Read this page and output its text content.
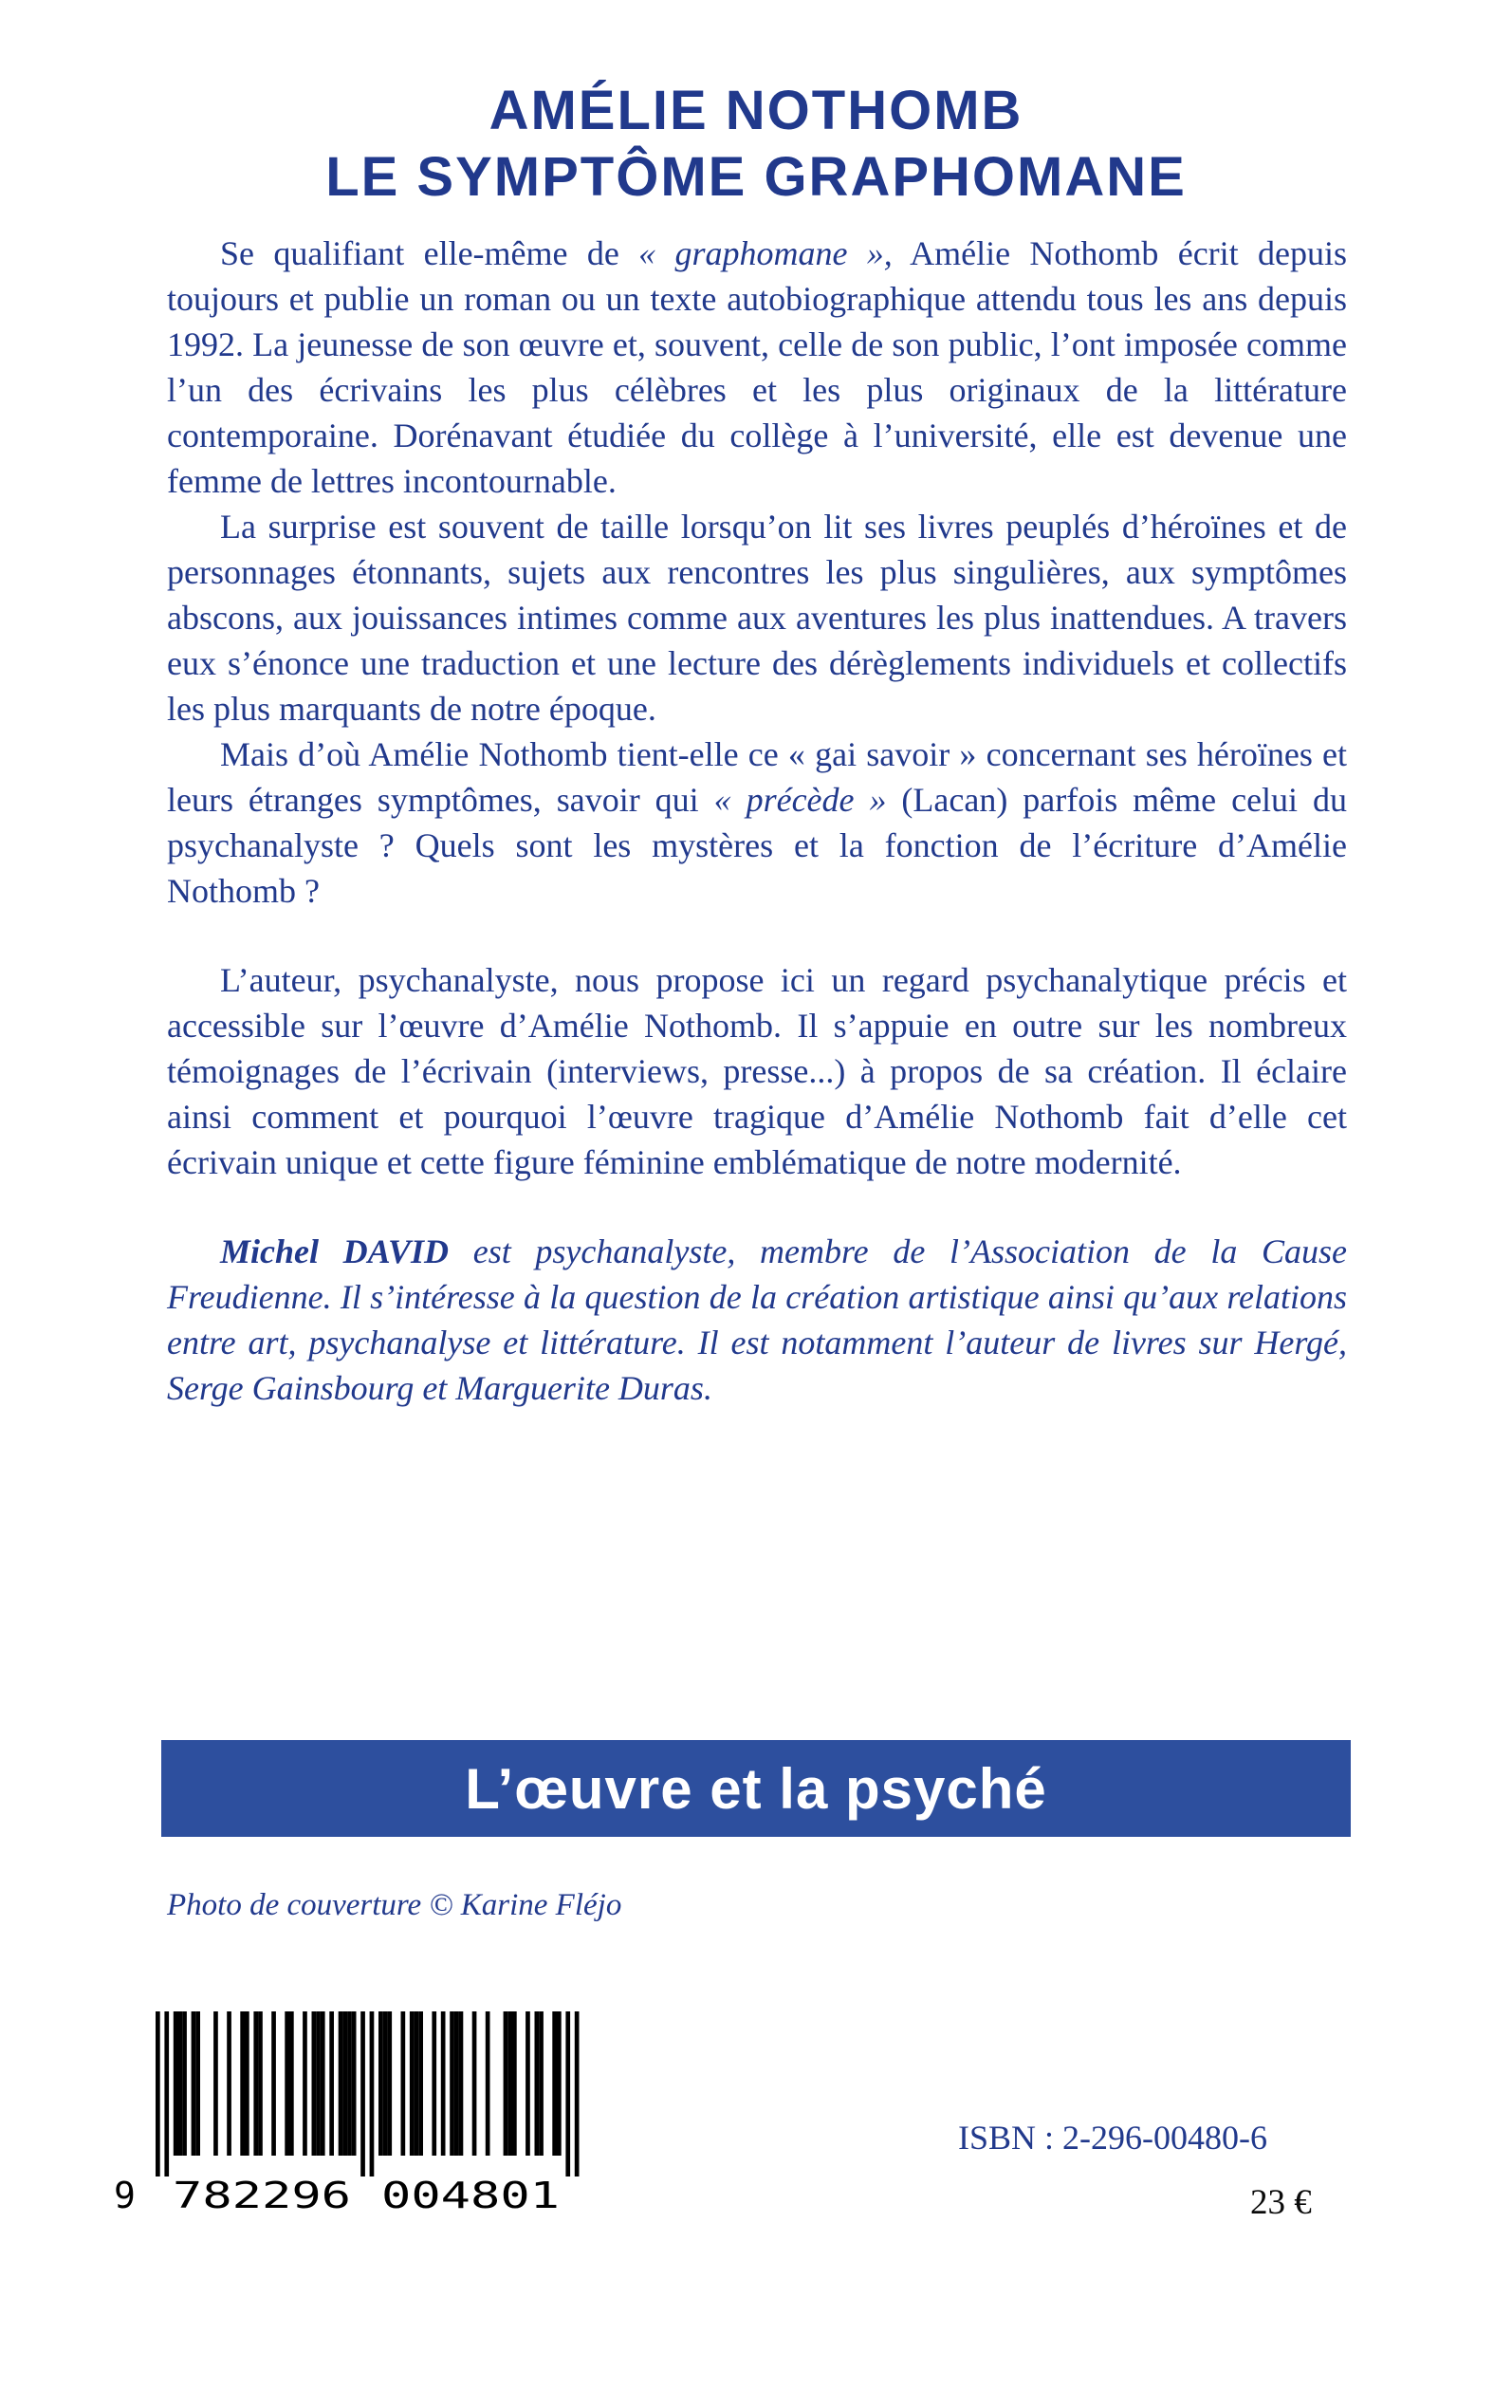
AMÉLIE NOTHOMB
LE SYMPTÔME GRAPHOMANE

Se qualifiant elle-même de « graphomane », Amélie Nothomb écrit depuis toujours et publie un roman ou un texte autobiographique attendu tous les ans depuis 1992. La jeunesse de son œuvre et, souvent, celle de son public, l’ont imposée comme l’un des écrivains les plus célèbres et les plus originaux de la littérature contemporaine. Dorénavant étudiée du collège à l’université, elle est devenue une femme de lettres incontournable.

La surprise est souvent de taille lorsqu’on lit ses livres peuplés d’héroïnes et de personnages étonnants, sujets aux rencontres les plus singulières, aux symptômes abscons, aux jouissances intimes comme aux aventures les plus inattendues. A travers eux s’énonce une traduction et une lecture des dérèglements individuels et collectifs les plus marquants de notre époque.

Mais d’où Amélie Nothomb tient-elle ce « gai savoir » concernant ses héroïnes et leurs étranges symptômes, savoir qui « précède » (Lacan) parfois même celui du psychanalyste ? Quels sont les mystères et la fonction de l’écriture d’Amélie Nothomb ?

L’auteur, psychanalyste, nous propose ici un regard psychanalytique précis et accessible sur l’œuvre d’Amélie Nothomb. Il s’appuie en outre sur les nombreux témoignages de l’écrivain (interviews, presse...) à propos de sa création. Il éclaire ainsi comment et pourquoi l’œuvre tragique d’Amélie Nothomb fait d’elle cet écrivain unique et cette figure féminine emblématique de notre modernité.

Michel DAVID est psychanalyste, membre de l’Association de la Cause Freudienne. Il s’intéresse à la question de la création artistique ainsi qu’aux relations entre art, psychanalyse et littérature. Il est notamment l’auteur de livres sur Hergé, Serge Gainsbourg et Marguerite Duras.

L’œuvre et la psyché
Photo de couverture © Karine Fléjo
9 782296 004801
ISBN : 2-296-00480-6
23 €
